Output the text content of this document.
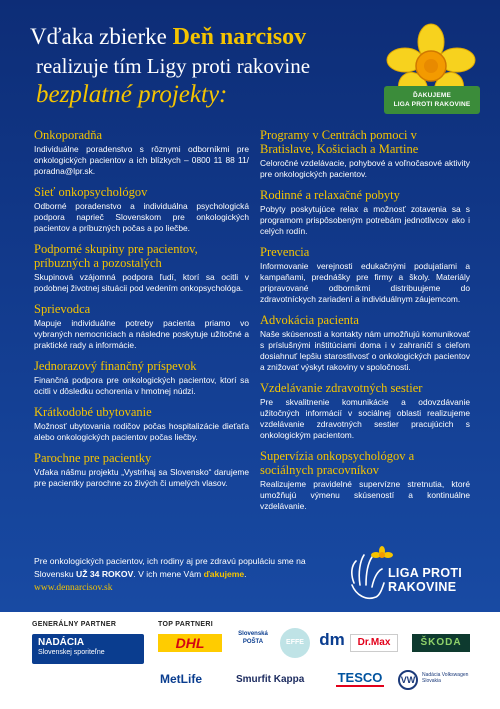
Vďaka zbierke Deň narcisov
realizuje tím Ligy proti rakovine
bezplatné projekty:	ĎAKUJEME
LIGA PROTI RAKOVINE
Onkoporadňa

Individuálne poradenstvo s rôznymi odborníkmi pre onkologických pacientov a ich blízkych – 0800 11 88 11/ poradna@lpr.sk.

Sieť onkopsychológov

Odborné poradenstvo a individuálna psychologická podpora naprieč Slovenskom pre onkologických pacientov a príbuzných počas a po liečbe.

Podporné skupiny pre pacientov, príbuzných a pozostalých

Skupinová vzájomná podpora ľudí, ktorí sa ocitli v podobnej životnej situácii pod vedením onkopsychológa.

Sprievodca

Mapuje individuálne potreby pacienta priamo vo vybraných nemocniciach a následne poskytuje užitočné a praktické rady a informácie.

Jednorazový finančný príspevok

Finančná podpora pre onkologických pacientov, ktorí sa ocitli v dôsledku ochorenia v hmotnej núdzi.

Krátkodobé ubytovanie

Možnosť ubytovania rodičov počas hospitalizácie dieťaťa alebo onkologických pacientov počas liečby.

Parochne pre pacientky

Vďaka nášmu projektu „Vystrihaj sa Slovensko“ darujeme pre pacientky parochne zo živých či umelých vlasov.

Programy v Centrách pomoci v Bratislave, Košiciach a Martine

Celoročné vzdelávacie, pohybové a voľnočasové aktivity pre onkologických pacientov.

Rodinné a relaxačné pobyty

Pobyty poskytujúce relax a možnosť zotavenia sa s programom prispôsobeným potrebám jednotlivcov ako i celých rodín.

Prevencia

Informovanie verejnosti edukačnými podujatiami a kampaňami, prednášky pre firmy a školy. Materiály pripravované odborníkmi distribuujeme do zdravotníckych zariadení a individuálnym záujemcom.

Advokácia pacienta

Naše skúsenosti a kontakty nám umožňujú komunikovať s príslušnými inštitúciami doma i v zahraničí s cieľom dosiahnuť lepšiu starostlivosť o onkologických pacientov a znižovať výskyt rakoviny v spoločnosti.

Vzdelávanie zdravotných sestier

Pre skvalitnenie komunikácie a odovzdávanie užitočných informácií v sociálnej oblasti realizujeme vzdelávanie zdravotných sestier pracujúcich s onkologickým pacientom.

Supervízia onkopsychológov a sociálnych pracovníkov

Realizujeme pravidelné supervízne stretnutia, ktoré umožňujú výmenu skúseností a kontinuálne vzdelávanie.

Pre onkologických pacientov, ich rodiny aj pre zdravú populáciu sme na Slovensku UŽ 34 ROKOV. V ich mene Vám ďakujeme.
www.dennarcisov.sk
LIGA PROTI
RAKOVINE
GENERÁLNY PARTNER	TOP PARTNERI
NADÁCIA
Slovenskej sporiteľne
DHL
Slovenská POŠTA	EFFE dm	Dr.Max	ŠKODA
MetLife	Smurfit Kappa	TESCO	VW	Nadácia Volkswagen Slovakia
